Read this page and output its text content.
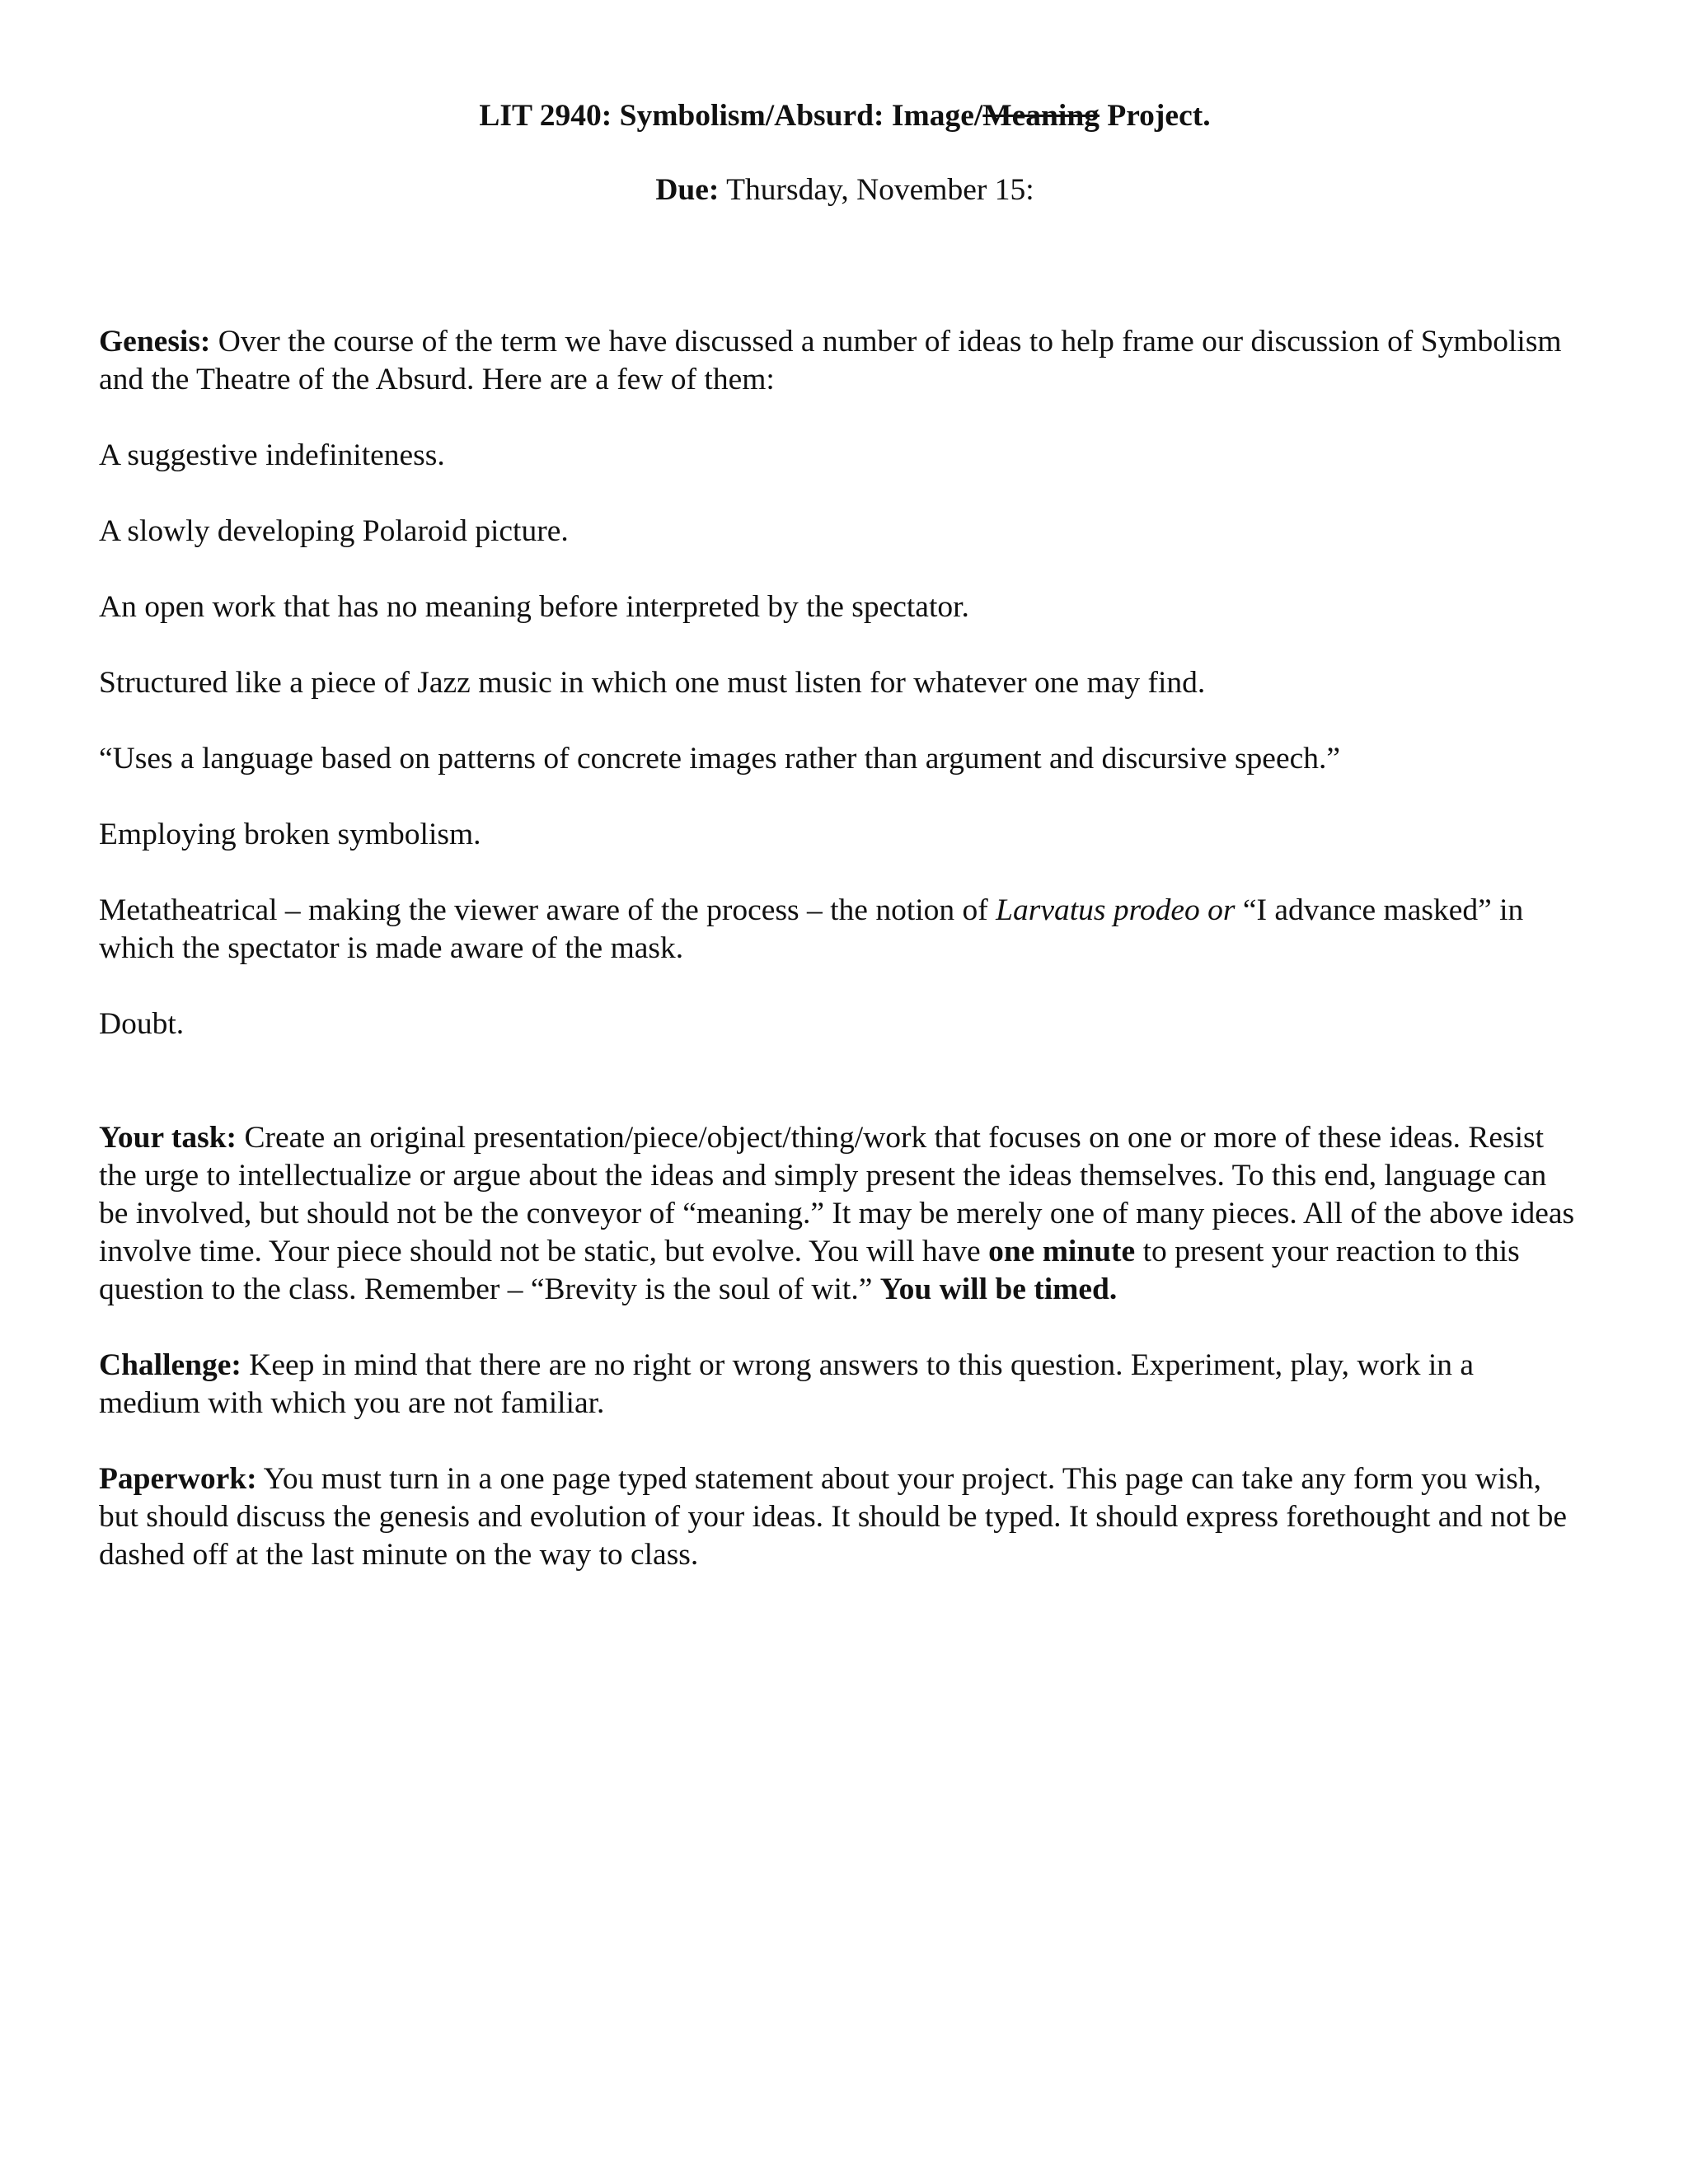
LIT 2940: Symbolism/Absurd: Image/Meaning Project.
Due: Thursday, November 15:

Genesis: Over the course of the term we have discussed a number of ideas to help frame our discussion of Symbolism and the Theatre of the Absurd. Here are a few of them:

A suggestive indefiniteness.

A slowly developing Polaroid picture.

An open work that has no meaning before interpreted by the spectator.

Structured like a piece of Jazz music in which one must listen for whatever one may find.

“Uses a language based on patterns of concrete images rather than argument and discursive speech.”

Employing broken symbolism.

Metatheatrical – making the viewer aware of the process – the notion of Larvatus prodeo or “I advance masked” in which the spectator is made aware of the mask.

Doubt.

Your task: Create an original presentation/piece/object/thing/work that focuses on one or more of these ideas. Resist the urge to intellectualize or argue about the ideas and simply present the ideas themselves. To this end, language can be involved, but should not be the conveyor of “meaning.” It may be merely one of many pieces. All of the above ideas involve time. Your piece should not be static, but evolve. You will have one minute to present your reaction to this question to the class. Remember – “Brevity is the soul of wit.” You will be timed.

Challenge: Keep in mind that there are no right or wrong answers to this question. Experiment, play, work in a medium with which you are not familiar.

Paperwork: You must turn in a one page typed statement about your project. This page can take any form you wish, but should discuss the genesis and evolution of your ideas. It should be typed. It should express forethought and not be dashed off at the last minute on the way to class.
